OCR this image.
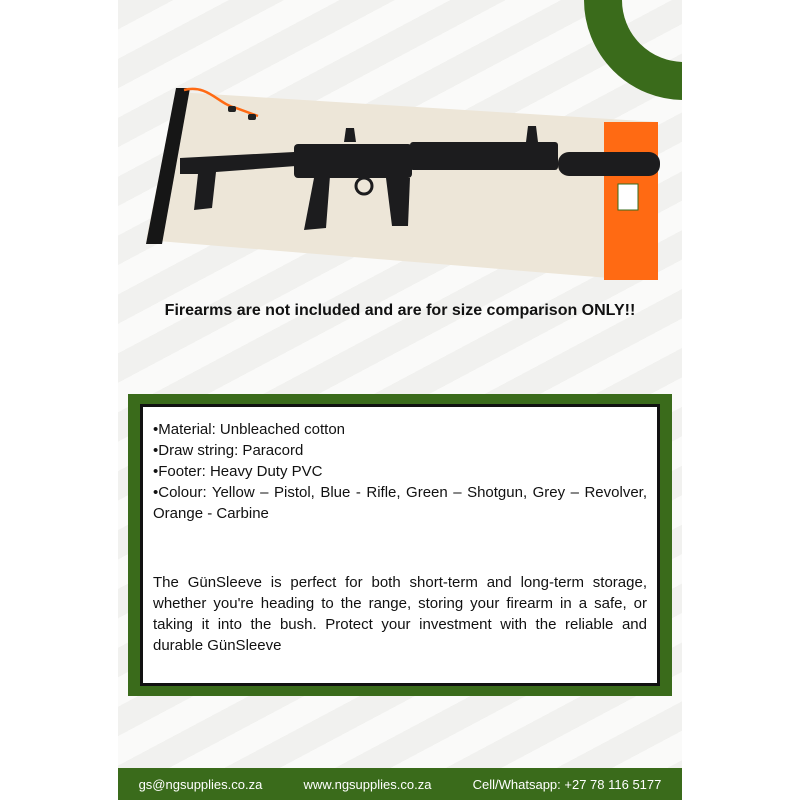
Firearms are not included and are for size comparison ONLY!!
•Material: Unbleached cotton
•Draw string: Paracord
•Footer: Heavy Duty PVC
•Colour: Yellow – Pistol, Blue - Rifle, Green – Shotgun, Grey – Revolver, Orange - Carbine

The GünSleeve is perfect for both short-term and long-term storage, whether you're heading to the range, storing your firearm in a safe, or taking it into the bush. Protect your investment with the reliable and durable GünSleeve

gs@ngsupplies.co.za	www.ngsupplies.co.za	Cell/Whatsapp: +27 78 116 5177
